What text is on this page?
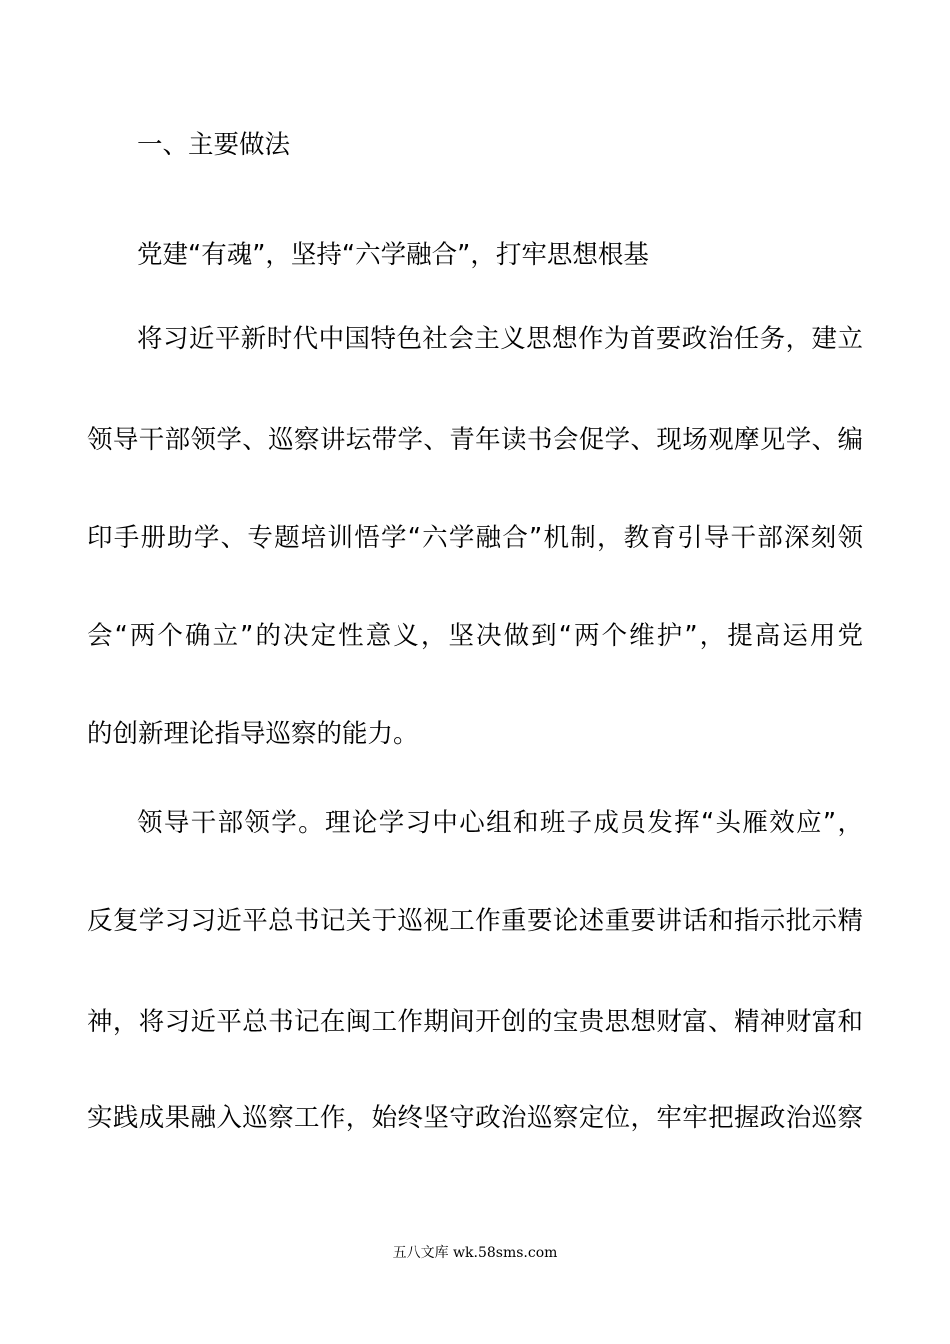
一、主要做法

党建“有魂”，坚持“六学融合”，打牢思想根基

将习近平新时代中国特色社会主义思想作为首要政治任务，建立

领导干部领学、巡察讲坛带学、青年读书会促学、现场观摩见学、编

印手册助学、专题培训悟学“六学融合”机制，教育引导干部深刻领

会“两个确立”的决定性意义，坚决做到“两个维护”，提高运用党

的创新理论指导巡察的能力。

领导干部领学。理论学习中心组和班子成员发挥“头雁效应”，

反复学习习近平总书记关于巡视工作重要论述重要讲话和指示批示精

神，将习近平总书记在闽工作期间开创的宝贵思想财富、精神财富和

实践成果融入巡察工作，始终坚守政治巡察定位，牢牢把握政治巡察

五八文库 wk.58sms.com
